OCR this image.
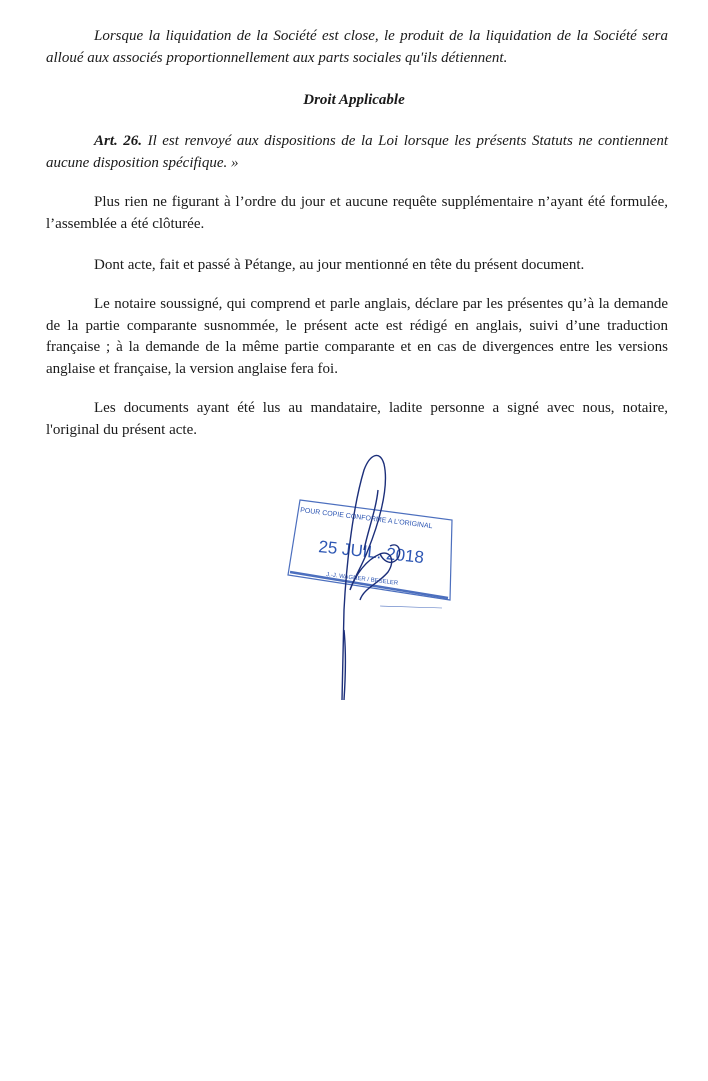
Lorsque la liquidation de la Société est close, le produit de la liquidation de la Société sera alloué aux associés proportionnellement aux parts sociales qu'ils détiennent.

Droit Applicable

Art. 26. Il est renvoyé aux dispositions de la Loi lorsque les présents Statuts ne contiennent aucune disposition spécifique. »

Plus rien ne figurant à l’ordre du jour et aucune requête supplémentaire n’ayant été formulée, l’assemblée a été clôturée.

Dont acte, fait et passé à Pétange, au jour mentionné en tête du présent document.

Le notaire soussigné, qui comprend et parle anglais, déclare par les présentes qu’à la demande de la partie comparante susnommée, le présent acte est rédigé en anglais, suivi d’une traduction française ; à la demande de la même partie comparante et en cas de divergences entre les versions anglaise et française, la version anglaise fera foi.

Les documents ayant été lus au mandataire, ladite personne a signé avec nous, notaire, l'original du présent acte.

POUR COPIE CONFORME A L'ORIGINAL
25 JUIL. 2018
J.-J. WAGNER / BESELER
